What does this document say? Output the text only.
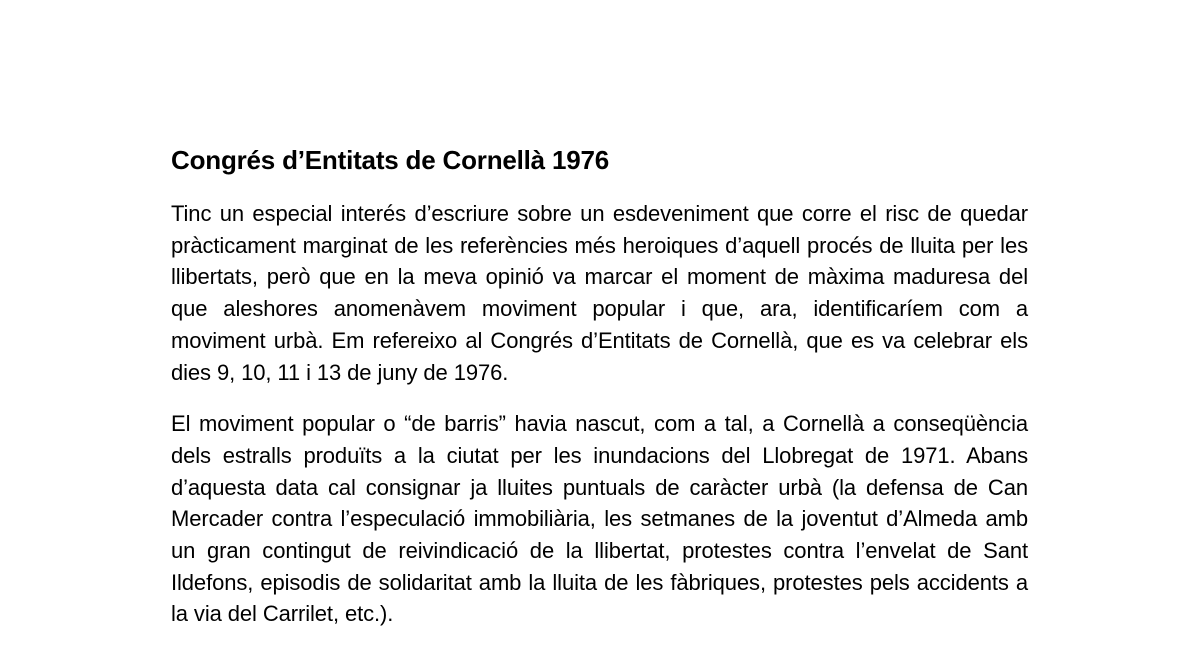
Congrés d’Entitats de Cornellà 1976

Tinc un especial interés d’escriure sobre un esdeveniment que corre el risc de quedar pràcticament marginat de les referències més heroiques d’aquell procés de lluita per les llibertats, però que en la meva opinió va marcar el moment de màxima maduresa del que aleshores anomenàvem moviment popular i que, ara, identificaríem com a moviment urbà. Em refereixo al Congrés d’Entitats de Cornellà, que es va celebrar els dies 9, 10, 11 i 13 de juny de 1976.

El moviment popular o “de barris” havia nascut, com a tal, a Cornellà a conseqüència dels estralls produïts a la ciutat per les inundacions del Llobregat de 1971. Abans d’aquesta data cal consignar ja lluites puntuals de caràcter urbà (la defensa de Can Mercader contra l’especulació immobiliària, les setmanes de la joventut d’Almeda amb un gran contingut de reivindicació de la llibertat, protestes contra l’envelat de Sant Ildefons, episodis de solidaritat amb la lluita de les fàbriques, protestes pels accidents a la via del Carrilet, etc.).
